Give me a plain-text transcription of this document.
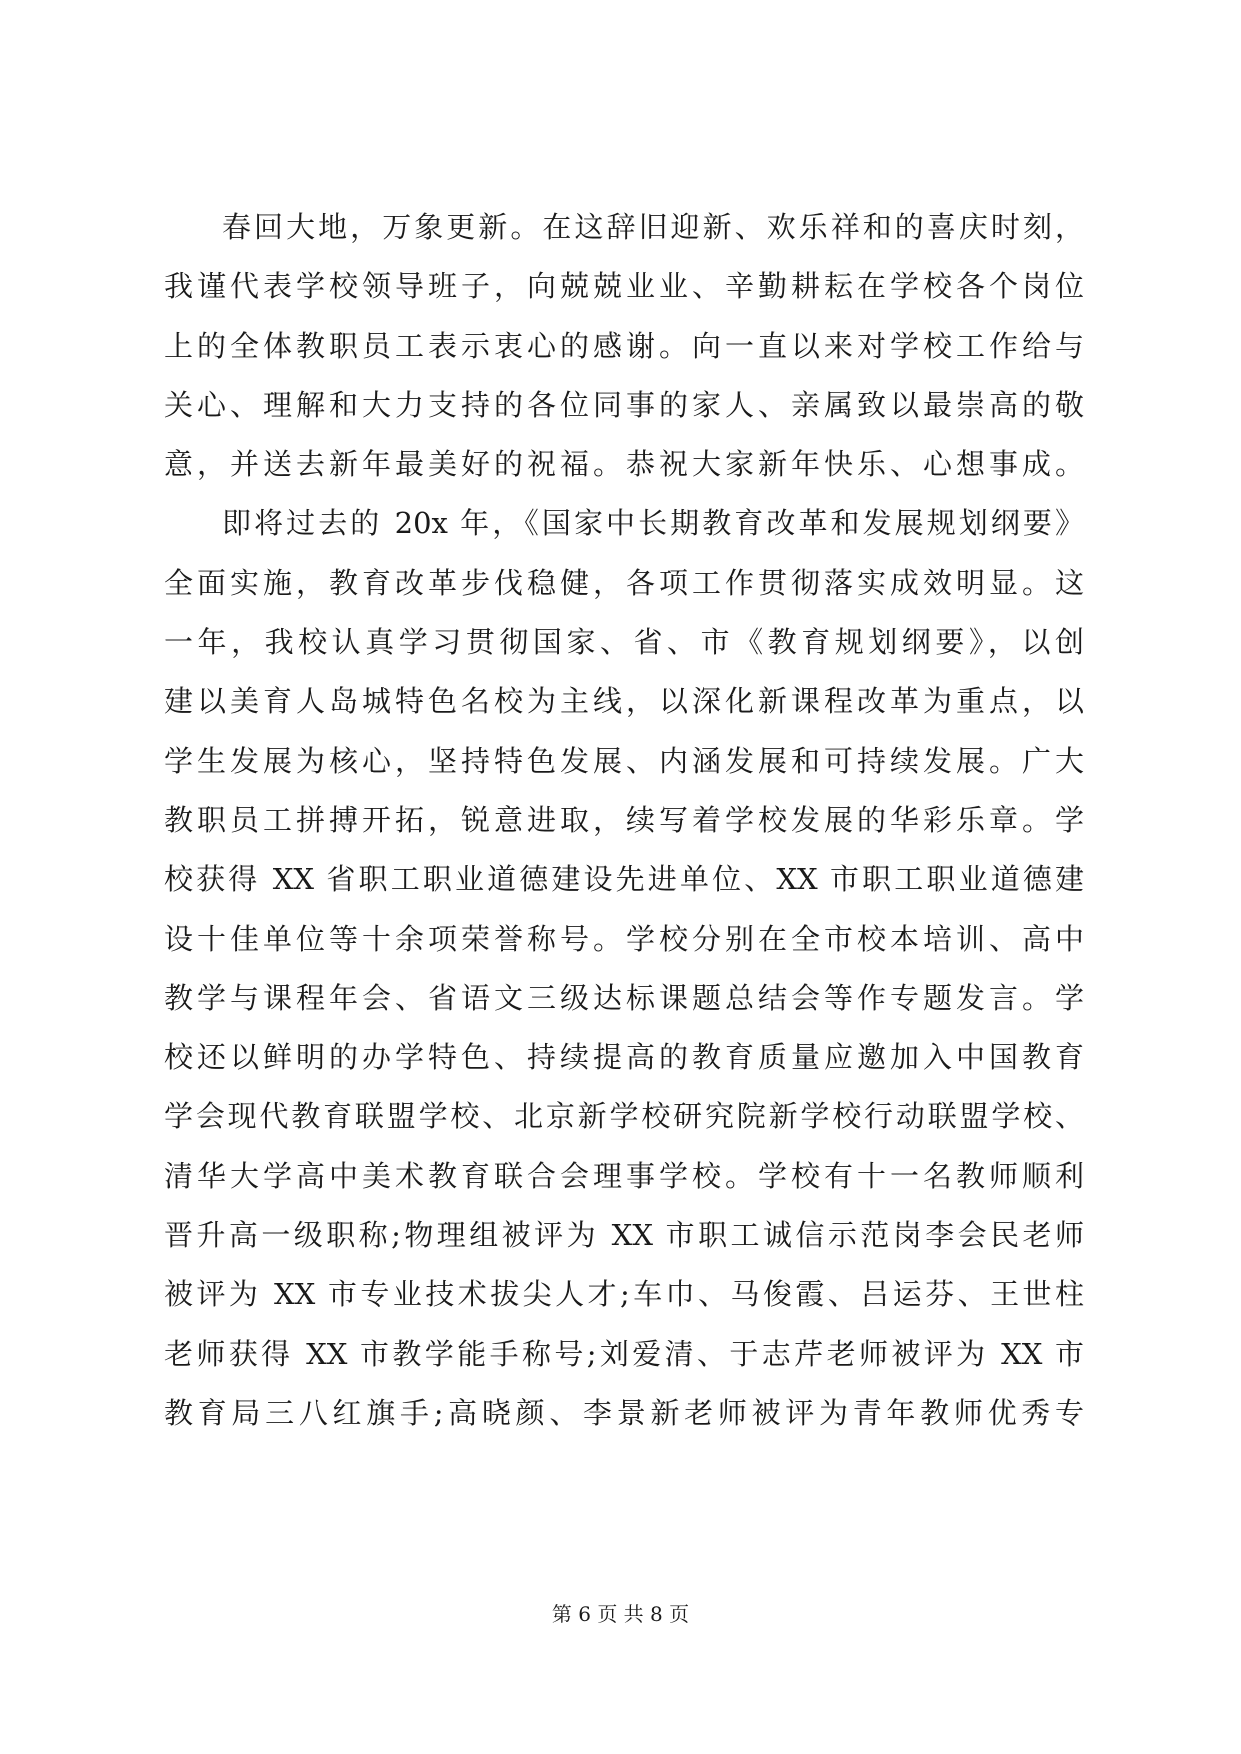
春回大地，万象更新。在这辞旧迎新、欢乐祥和的喜庆时刻，
我谨代表学校领导班子，向兢兢业业、辛勤耕耘在学校各个岗位
上的全体教职员工表示衷心的感谢。向一直以来对学校工作给与
关心、理解和大力支持的各位同事的家人、亲属致以最崇高的敬
意，并送去新年最美好的祝福。恭祝大家新年快乐、心想事成。
即将过去的 20x 年，《国家中长期教育改革和发展规划纲要》
全面实施，教育改革步伐稳健，各项工作贯彻落实成效明显。这
一年，我校认真学习贯彻国家、省、市《教育规划纲要》，以创
建以美育人岛城特色名校为主线，以深化新课程改革为重点，以
学生发展为核心，坚持特色发展、内涵发展和可持续发展。广大
教职员工拼搏开拓，锐意进取，续写着学校发展的华彩乐章。学
校获得 XX 省职工职业道德建设先进单位、XX 市职工职业道德建
设十佳单位等十余项荣誉称号。学校分别在全市校本培训、高中
教学与课程年会、省语文三级达标课题总结会等作专题发言。学
校还以鲜明的办学特色、持续提高的教育质量应邀加入中国教育
学会现代教育联盟学校、北京新学校研究院新学校行动联盟学校、
清华大学高中美术教育联合会理事学校。学校有十一名教师顺利
晋升高一级职称;物理组被评为 XX 市职工诚信示范岗李会民老师
被评为 XX 市专业技术拔尖人才;车巾、马俊霞、吕运芬、王世柱
老师获得 XX 市教学能手称号;刘爱清、于志芹老师被评为 XX 市
教育局三八红旗手;高晓颜、李景新老师被评为青年教师优秀专
第 6 页 共 8 页
